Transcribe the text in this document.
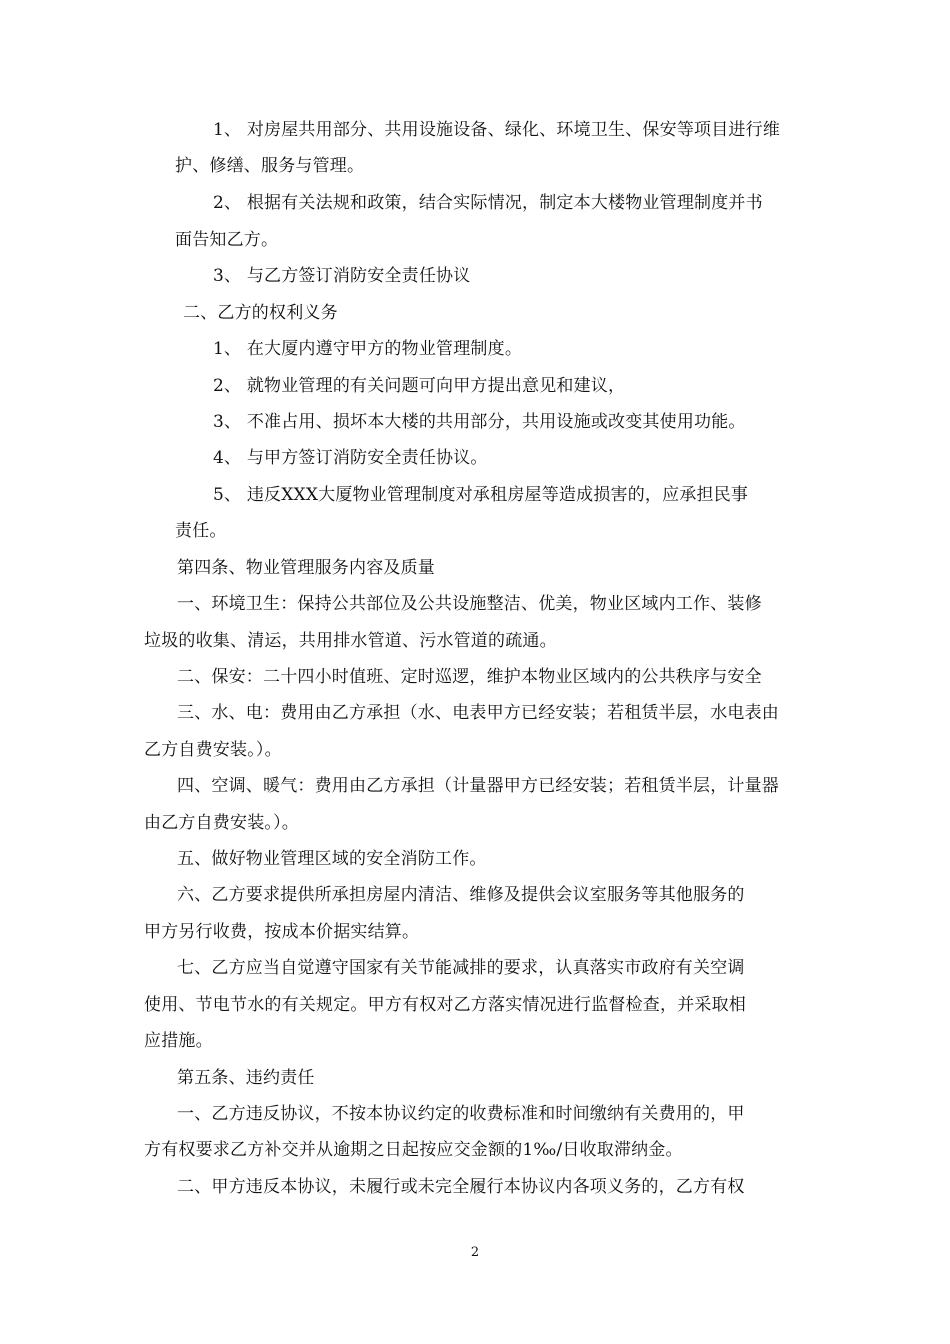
1、 对房屋共用部分、共用设施设备、绿化、环境卫生、保安等项目进行维
护、修缮、服务与管理。
2、 根据有关法规和政策，结合实际情况，制定本大楼物业管理制度并书
面告知乙方。
3、 与乙方签订消防安全责任协议
二、乙方的权利义务
1、 在大厦内遵守甲方的物业管理制度。
2、 就物业管理的有关问题可向甲方提出意见和建议，
3、 不准占用、损坏本大楼的共用部分，共用设施或改变其使用功能。
4、 与甲方签订消防安全责任协议。
5、 违反XXX大厦物业管理制度对承租房屋等造成损害的，应承担民事
责任。
第四条、物业管理服务内容及质量
一、环境卫生：保持公共部位及公共设施整洁、优美，物业区域内工作、装修
垃圾的收集、清运，共用排水管道、污水管道的疏通。
二、保安：二十四小时值班、定时巡逻，维护本物业区域内的公共秩序与安全
三、水、电：费用由乙方承担（水、电表甲方已经安装；若租赁半层，水电表由
乙方自费安装。）。
四、空调、暖气：费用由乙方承担（计量器甲方已经安装；若租赁半层，计量器
由乙方自费安装。）。
五、做好物业管理区域的安全消防工作。
六、乙方要求提供所承担房屋内清洁、维修及提供会议室服务等其他服务的
甲方另行收费，按成本价据实结算。
七、乙方应当自觉遵守国家有关节能减排的要求，认真落实市政府有关空调
使用、节电节水的有关规定。甲方有权对乙方落实情况进行监督检查，并采取相
应措施。
第五条、违约责任
一、乙方违反协议，不按本协议约定的收费标准和时间缴纳有关费用的，甲
方有权要求乙方补交并从逾期之日起按应交金额的1‰/日收取滞纳金。
二、甲方违反本协议，未履行或未完全履行本协议内各项义务的，乙方有权
2
